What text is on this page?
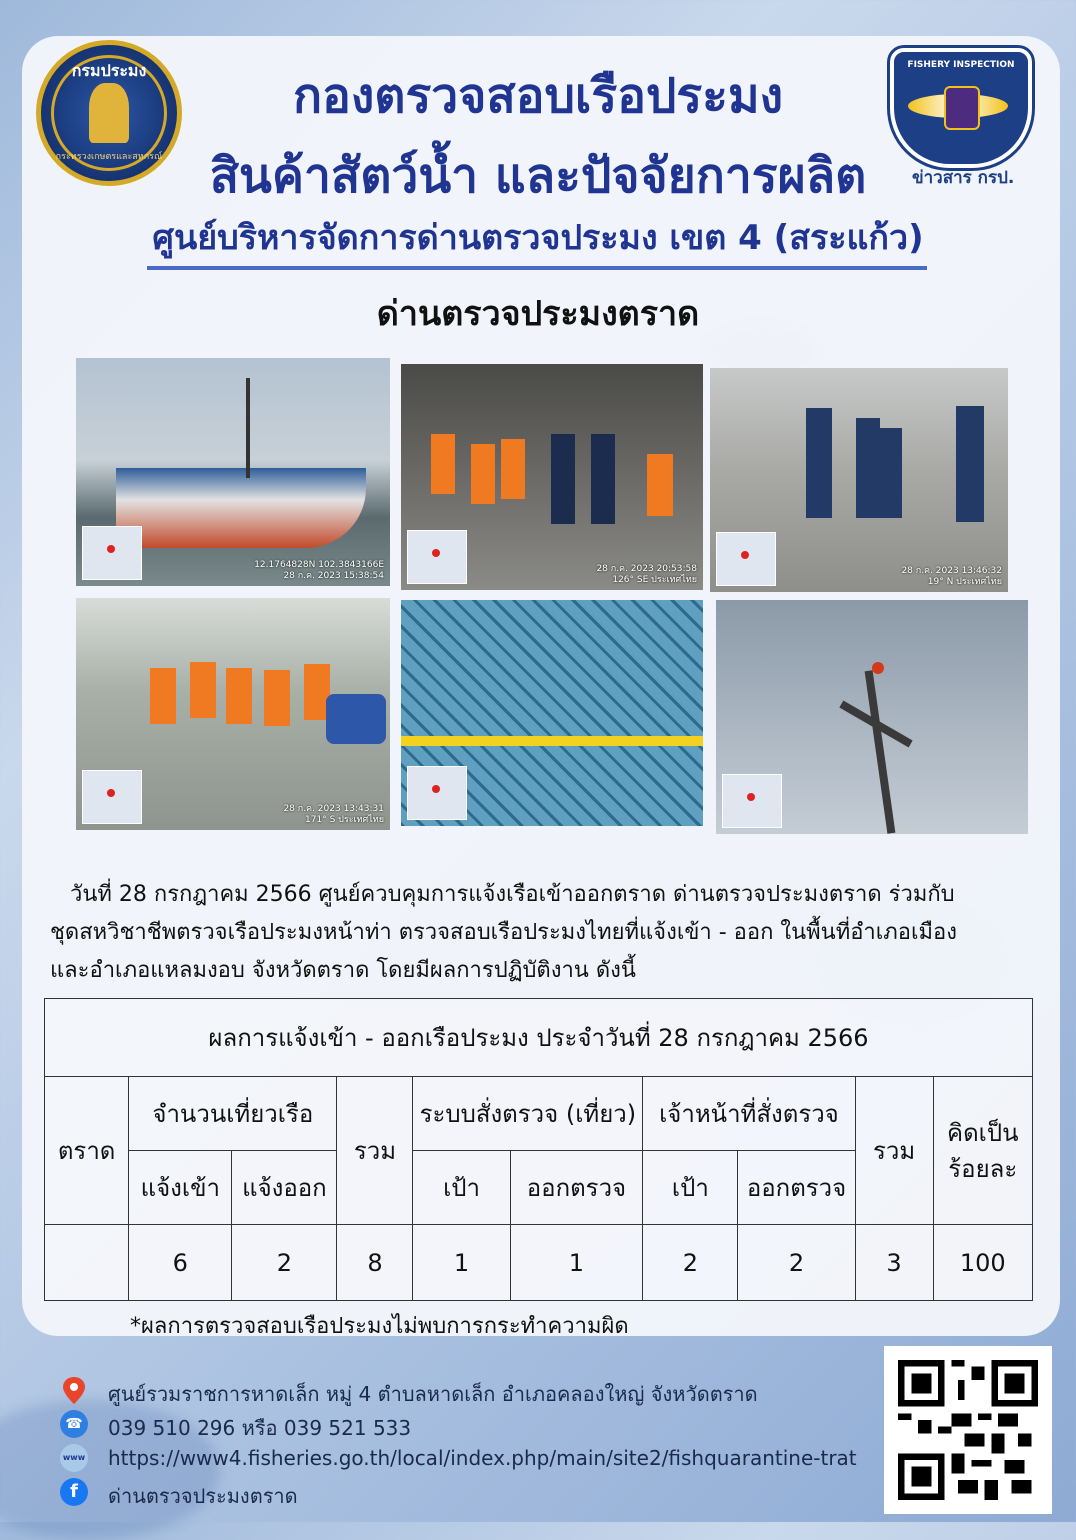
กรมประมง
กระทรวงเกษตรและสหกรณ์
FISHERY INSPECTION
ข่าวสาร กรป.
กองตรวจสอบเรือประมง
สินค้าสัตว์น้ำ และปัจจัยการผลิต
ศูนย์บริหารจัดการด่านตรวจประมง เขต 4 (สระแก้ว)
ด่านตรวจประมงตราด
12.1764828N 102.3843166E
28 ก.ค. 2023 15:38:54
28 ก.ค. 2023 20:53:58
126° SE ประเทศไทย
28 ก.ค. 2023 13:46:32
19° N ประเทศไทย
28 ก.ค. 2023 13:43:31
171° S ประเทศไทย
วันที่ 28 กรกฎาคม 2566 ศูนย์ควบคุมการแจ้งเรือเข้าออกตราด ด่านตรวจประมงตราด ร่วมกับ
ชุดสหวิชาชีพตรวจเรือประมงหน้าท่า ตรวจสอบเรือประมงไทยที่แจ้งเข้า - ออก ในพื้นที่อำเภอเมือง
และอำเภอแหลมงอบ จังหวัดตราด โดยมีผลการปฏิบัติงาน ดังนี้
ผลการแจ้งเข้า - ออกเรือประมง ประจำวันที่ 28 กรกฎาคม 2566									
ตราด	จำนวนเที่ยวเรือ		รวม	ระบบสั่งตรวจ (เที่ยว)		เจ้าหน้าที่สั่งตรวจ		รวม	คิดเป็น
ร้อยละ

	แจ้งเข้า	แจ้งออก		เป้า	ออกตรวจ	เป้า	ออกตรวจ		
	6	2	8	1	1	2	2	3	100
*ผลการตรวจสอบเรือประมงไม่พบการกระทำความผิด
ศูนย์รวมราชการหาดเล็ก หมู่ 4 ตำบลหาดเล็ก อำเภอคลองใหญ่ จังหวัดตราด
☎ 039 510 296 หรือ 039 521 533
www https://www4.fisheries.go.th/local/index.php/main/site2/fishquarantine-trat
f	ด่านตรวจประมงตราด
